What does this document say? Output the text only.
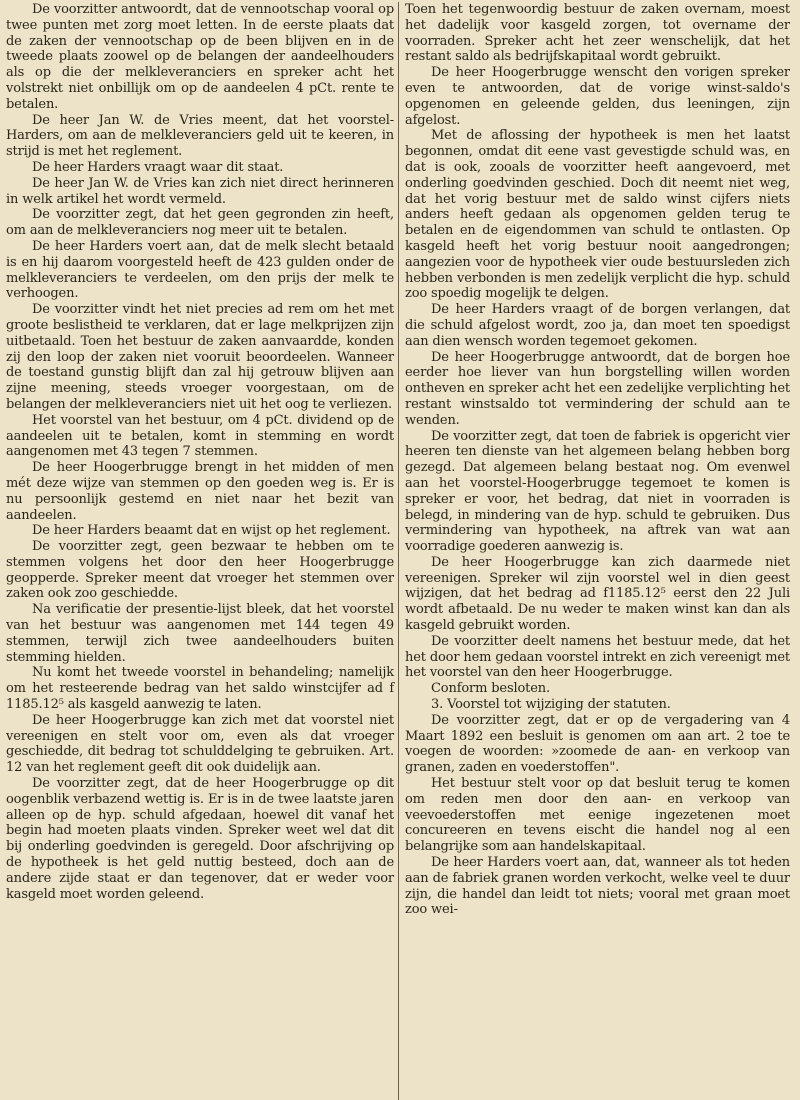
De voorzitter antwoordt, dat de vennootschap vooral op twee punten met zorg moet letten. In de eerste plaats dat de zaken der vennootschap op de been blijven en in de tweede plaats zoowel op de belangen der aandeelhouders als op die der melkleveranciers en spreker acht het volstrekt niet onbillijk om op de aandeelen 4 pCt. rente te betalen.

De heer Jan W. de Vries meent, dat het voorstel-Harders, om aan de melkleveranciers geld uit te keeren, in strijd is met het reglement.

De heer Harders vraagt waar dit staat.

De heer Jan W. de Vries kan zich niet direct herinneren in welk artikel het wordt vermeld.

De voorzitter zegt, dat het geen gegronden zin heeft, om aan de melkleveranciers nog meer uit te betalen.

De heer Harders voert aan, dat de melk slecht betaald is en hij daarom voorgesteld heeft de 423 gulden onder de melkleveranciers te verdeelen, om den prijs der melk te verhoogen.

De voorzitter vindt het niet precies ad rem om het met groote beslistheid te verklaren, dat er lage melkprijzen zijn uitbetaald. Toen het bestuur de zaken aanvaardde, konden zij den loop der zaken niet vooruit beoordeelen. Wanneer de toestand gunstig blijft dan zal hij getrouw blijven aan zijne meening, steeds vroeger voorgestaan, om de belangen der melkleveranciers niet uit het oog te verliezen.

Het voorstel van het bestuur, om 4 pCt. dividend op de aandeelen uit te betalen, komt in stemming en wordt aangenomen met 43 tegen 7 stemmen.

De heer Hoogerbrugge brengt in het midden of men mét deze wijze van stemmen op den goeden weg is. Er is nu persoonlijk gestemd en niet naar het bezit van aandeelen.

De heer Harders beaamt dat en wijst op het reglement.

De voorzitter zegt, geen bezwaar te hebben om te stemmen volgens het door den heer Hoogerbrugge geopperde. Spreker meent dat vroeger het stemmen over zaken ook zoo geschiedde.

Na verificatie der presentie-lijst bleek, dat het voorstel van het bestuur was aangenomen met 144 tegen 49 stemmen, terwijl zich twee aandeelhouders buiten stemming hielden.

Nu komt het tweede voorstel in behandeling; namelijk om het resteerende bedrag van het saldo winstcijfer ad f 1185.12⁵ als kasgeld aanwezig te laten.

De heer Hoogerbrugge kan zich met dat voorstel niet vereenigen en stelt voor om, even als dat vroeger geschiedde, dit bedrag tot schulddelging te gebruiken. Art. 12 van het reglement geeft dit ook duidelijk aan.

De voorzitter zegt, dat de heer Hoogerbrugge op dit oogenblik verbazend wettig is. Er is in de twee laatste jaren alleen op de hyp. schuld afgedaan, hoewel dit vanaf het begin had moeten plaats vinden. Spreker weet wel dat dit bij onderling goedvinden is geregeld. Door afschrijving op de hypotheek is het geld nuttig besteed, doch aan de andere zijde staat er dan tegenover, dat er weder voor kasgeld moet worden geleend.

Toen het tegenwoordig bestuur de zaken overnam, moest het dadelijk voor kasgeld zorgen, tot overname der voorraden. Spreker acht het zeer wenschelijk, dat het restant saldo als bedrijfskapitaal wordt gebruikt.

De heer Hoogerbrugge wenscht den vorigen spreker even te antwoorden, dat de vorige winst-saldo's opgenomen en geleende gelden, dus leeningen, zijn afgelost.

Met de aflossing der hypotheek is men het laatst begonnen, omdat dit eene vast gevestigde schuld was, en dat is ook, zooals de voorzitter heeft aangevoerd, met onderling goedvinden geschied. Doch dit neemt niet weg, dat het vorig bestuur met de saldo winst cijfers niets anders heeft gedaan als opgenomen gelden terug te betalen en de eigendommen van schuld te ontlasten. Op kasgeld heeft het vorig bestuur nooit aangedrongen; aangezien voor de hypotheek vier oude bestuursleden zich hebben verbonden is men zedelijk verplicht die hyp. schuld zoo spoedig mogelijk te delgen.

De heer Harders vraagt of de borgen verlangen, dat die schuld afgelost wordt, zoo ja, dan moet ten spoedigst aan dien wensch worden tegemoet gekomen.

De heer Hoogerbrugge antwoordt, dat de borgen hoe eerder hoe liever van hun borgstelling willen worden ontheven en spreker acht het een zedelijke verplichting het restant winstsaldo tot vermindering der schuld aan te wenden.

De voorzitter zegt, dat toen de fabriek is opgericht vier heeren ten dienste van het algemeen belang hebben borg gezegd. Dat algemeen belang bestaat nog. Om evenwel aan het voorstel-Hoogerbrugge tegemoet te komen is spreker er voor, het bedrag, dat niet in voorraden is belegd, in mindering van de hyp. schuld te gebruiken. Dus vermindering van hypotheek, na aftrek van wat aan voorradige goederen aanwezig is.

De heer Hoogerbrugge kan zich daarmede niet vereenigen. Spreker wil zijn voorstel wel in dien geest wijzigen, dat het bedrag ad f1185.12⁵ eerst den 22 Juli wordt afbetaald. De nu weder te maken winst kan dan als kasgeld gebruikt worden.

De voorzitter deelt namens het bestuur mede, dat het het door hem gedaan voorstel intrekt en zich vereenigt met het voorstel van den heer Hoogerbrugge.

Conform besloten.

3. Voorstel tot wijziging der statuten.

De voorzitter zegt, dat er op de vergadering van 4 Maart 1892 een besluit is genomen om aan art. 2 toe te voegen de woorden: »zoomede de aan- en verkoop van granen, zaden en voederstoffen".

Het bestuur stelt voor op dat besluit terug te komen om reden men door den aan- en verkoop van veevoederstoffen met eenige ingezetenen moet concureeren en tevens eischt die handel nog al een belangrijke som aan handelskapitaal.

De heer Harders voert aan, dat, wanneer als tot heden aan de fabriek granen worden verkocht, welke veel te duur zijn, die handel dan leidt tot niets; vooral met graan moet zoo wei-
